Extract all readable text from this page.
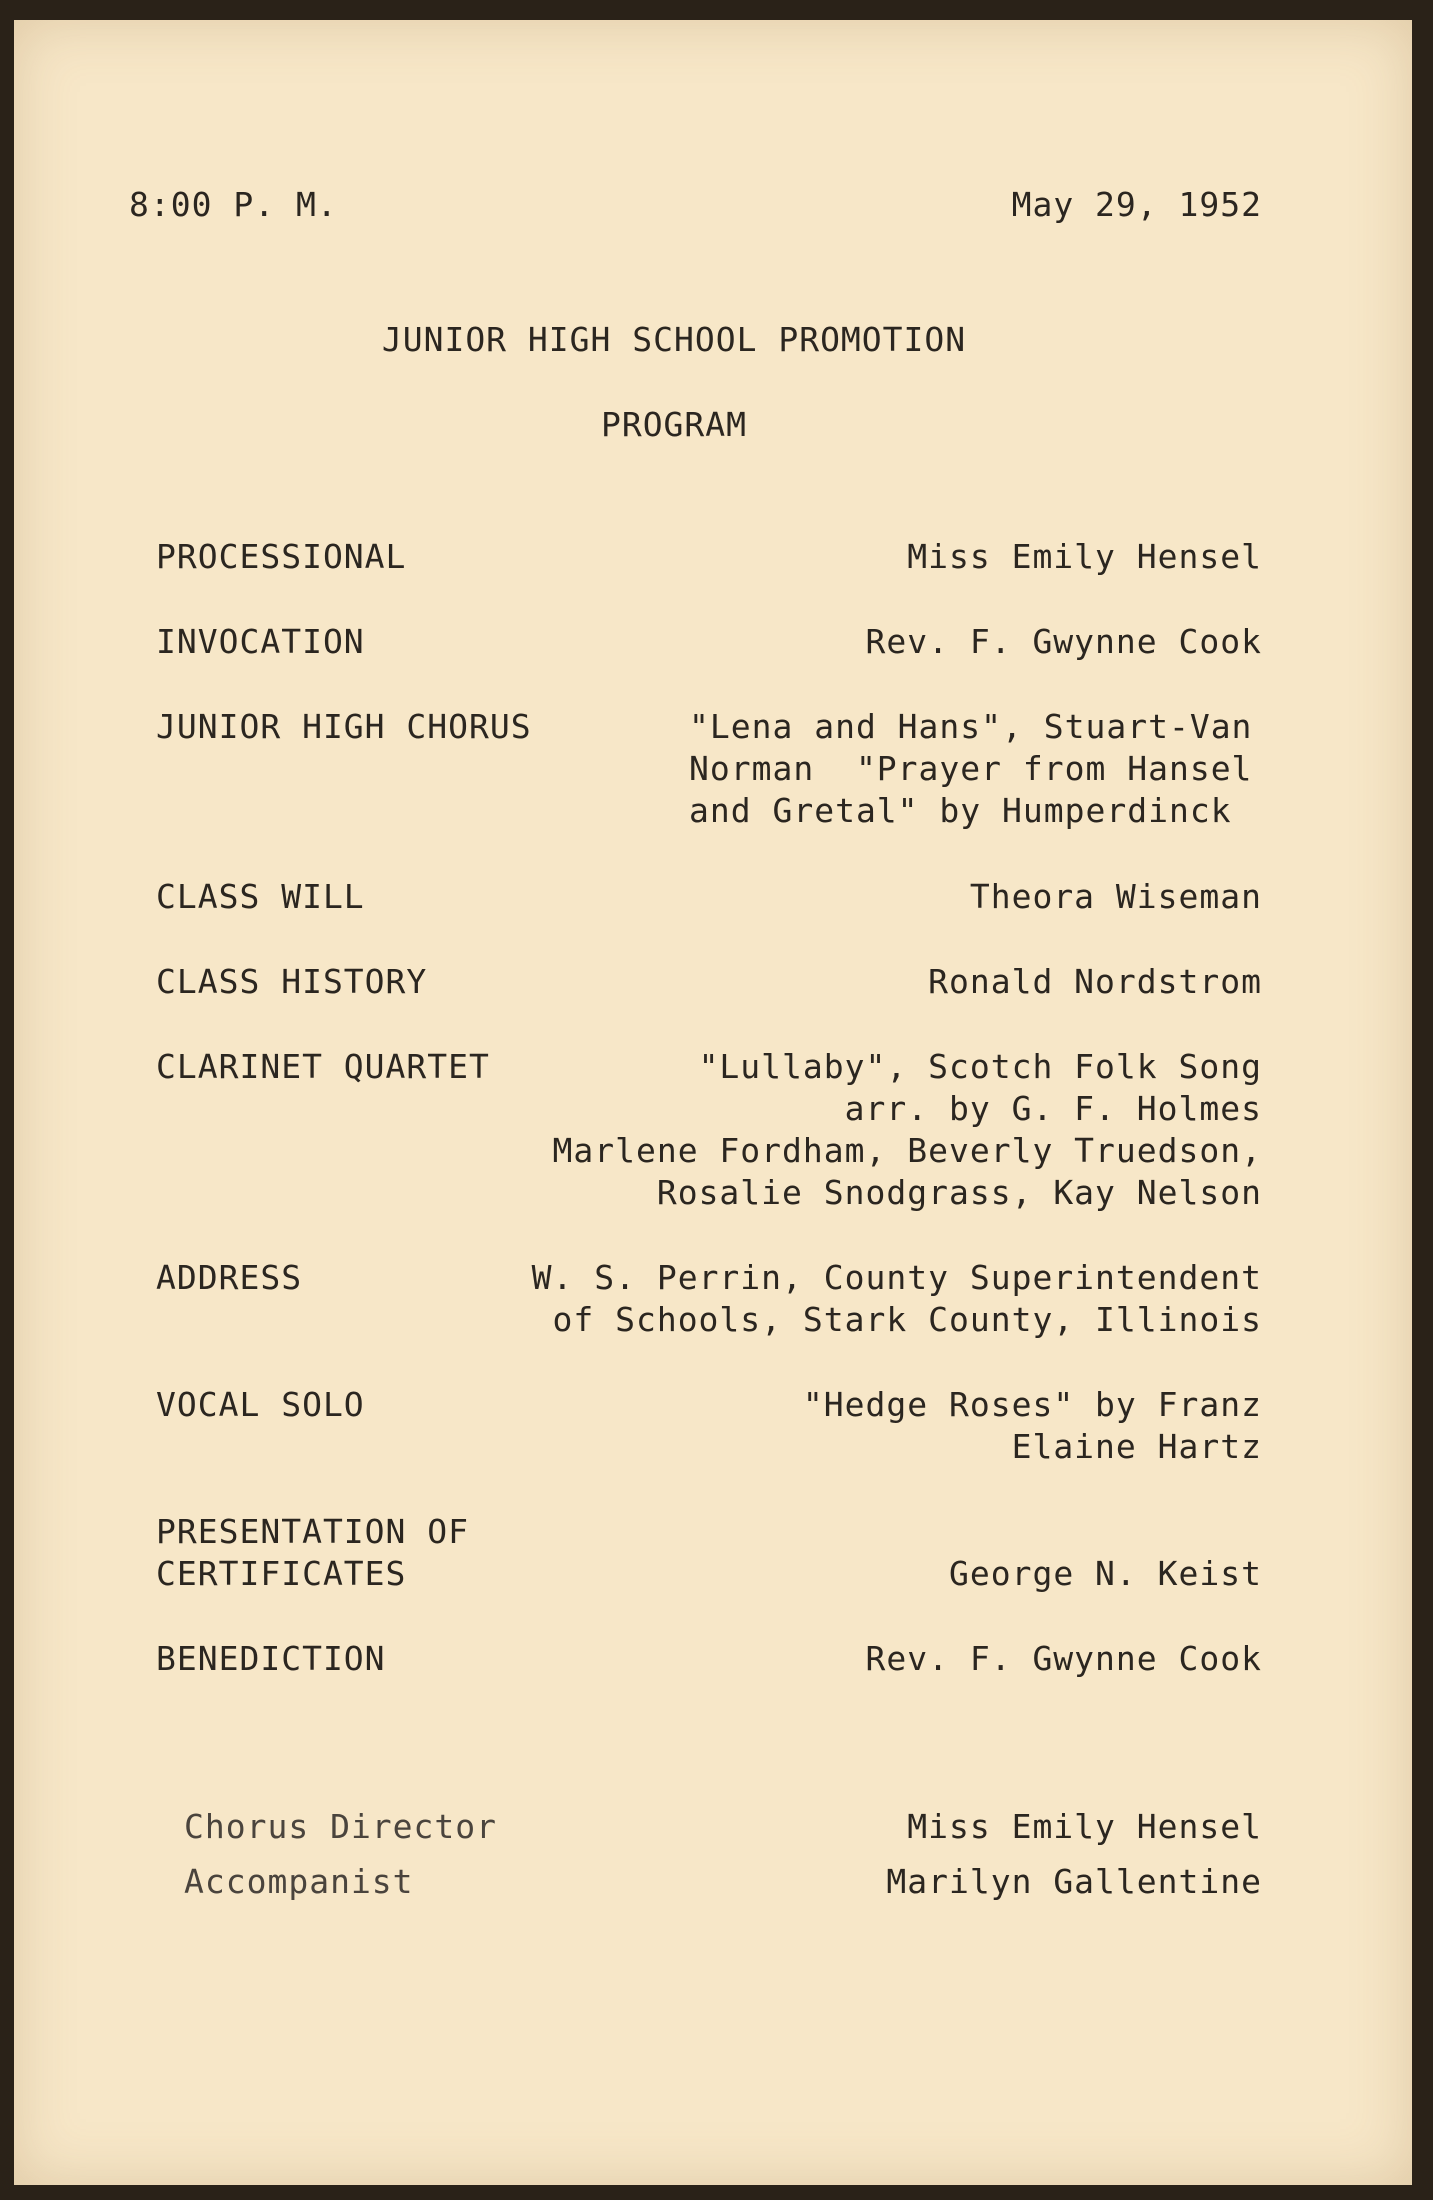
8:00 P. M.	May 29, 1952
JUNIOR HIGH SCHOOL PROMOTION
PROGRAM
PROCESSIONAL	Miss Emily Hensel
INVOCATION	Rev. F. Gwynne Cook
JUNIOR HIGH CHORUS	"Lena and Hans", Stuart-Van
Norman  "Prayer from Hansel
and Gretal" by Humperdinck
CLASS WILL	Theora Wiseman
CLASS HISTORY	Ronald Nordstrom
CLARINET QUARTET	"Lullaby", Scotch Folk Song
arr. by G. F. Holmes
Marlene Fordham, Beverly Truedson,
Rosalie Snodgrass, Kay Nelson
ADDRESS	W. S. Perrin, County Superintendent
of Schools, Stark County, Illinois
VOCAL SOLO	"Hedge Roses" by Franz
Elaine Hartz
PRESENTATION OF
CERTIFICATES	George N. Keist
BENEDICTION	Rev. F. Gwynne Cook
Chorus Director	Miss Emily Hensel
Accompanist	Marilyn Gallentine
